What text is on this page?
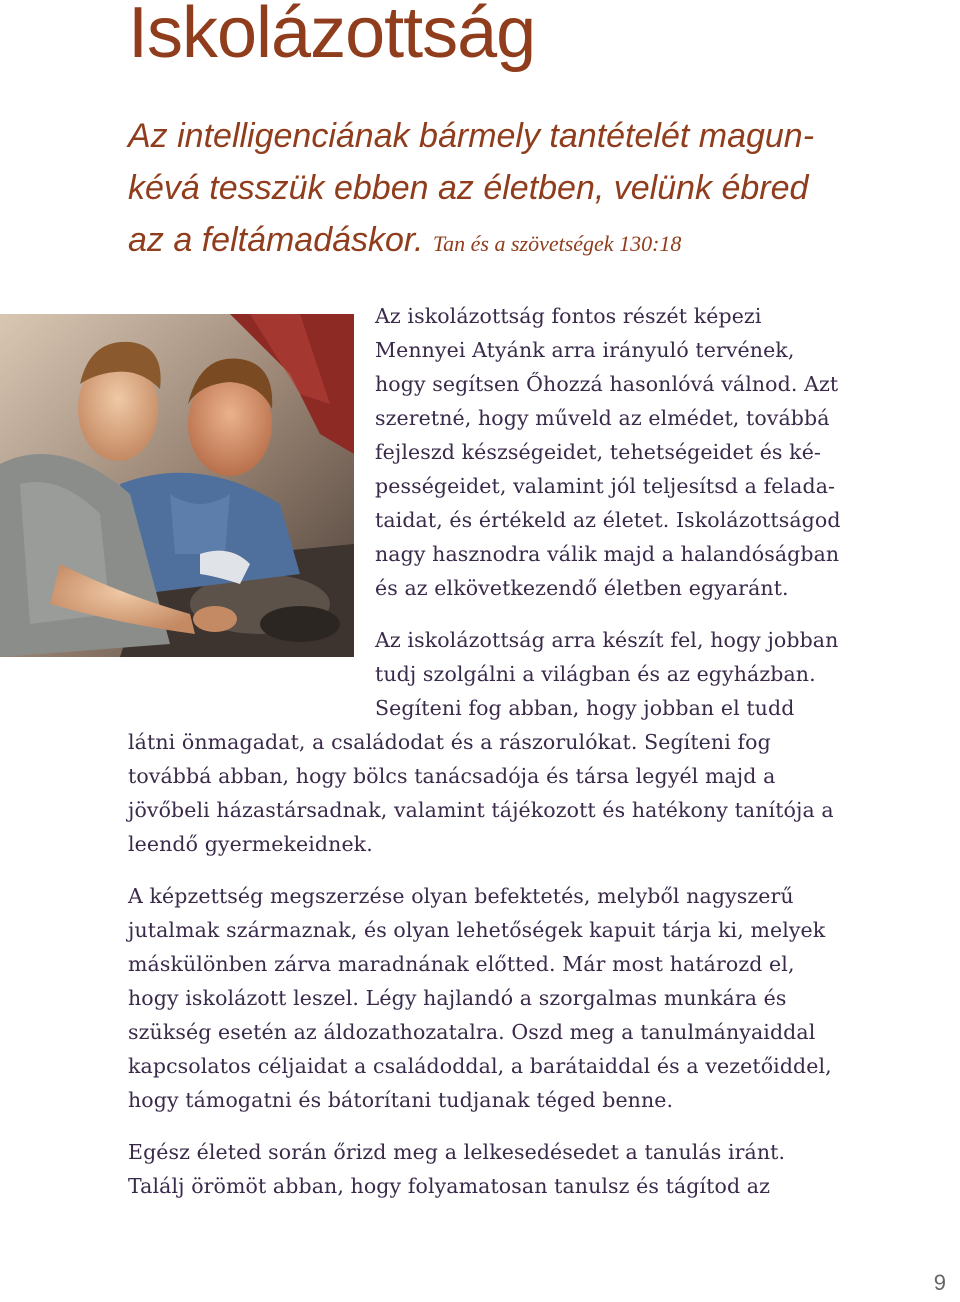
Iskolázottság
Az intelligenciának bármely tantételét magun-
kévá tesszük ebben az életben, velünk ébred
az a feltámadáskor. Tan és a szövetségek 130:18
Az iskolázottság fontos részét képezi
Mennyei Atyánk arra irányuló tervének,
hogy segítsen Őhozzá hasonlóvá válnod. Azt
szeretné, hogy műveld az elmédet, továbbá
fejleszd készségeidet, tehetségeidet és ké-
pességeidet, valamint jól teljesítsd a felada-
taidat, és értékeld az életet. Iskolázottságod
nagy hasznodra válik majd a halandóságban
és az elkövetkezendő életben egyaránt.
Az iskolázottság arra készít fel, hogy jobban
tudj szolgálni a világban és az egyházban.
Segíteni fog abban, hogy jobban el tudd
látni önmagadat, a családodat és a rászorulókat. Segíteni fog
továbbá abban, hogy bölcs tanácsadója és társa legyél majd a
jövőbeli házastársadnak, valamint tájékozott és hatékony tanítója a
leendő gyermekeidnek.
A képzettség megszerzése olyan befektetés, melyből nagyszerű
jutalmak származnak, és olyan lehetőségek kapuit tárja ki, melyek
máskülönben zárva maradnának előtted. Már most határozd el,
hogy iskolázott leszel. Légy hajlandó a szorgalmas munkára és
szükség esetén az áldozathozatalra. Oszd meg a tanulmányaiddal
kapcsolatos céljaidat a családoddal, a barátaiddal és a vezetőiddel,
hogy támogatni és bátorítani tudjanak téged benne.
Egész életed során őrizd meg a lelkesedésedet a tanulás iránt.
Találj örömöt abban, hogy folyamatosan tanulsz és tágítod az
9
